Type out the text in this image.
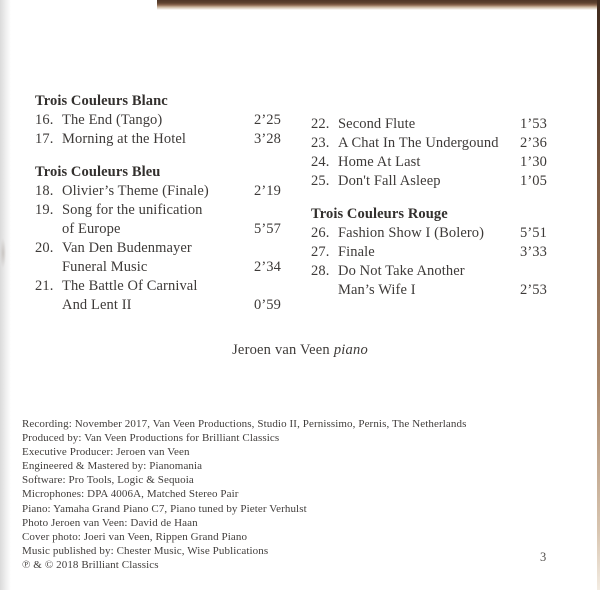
Trois Couleurs Blanc
16. The End (Tango)	2’25
17. Morning at the Hotel	3’28
Trois Couleurs Bleu
18. Olivier’s Theme (Finale)	2’19
19. Song for the unification
of Europe	5’57
20. Van Den Budenmayer
Funeral Music	2’34
21. The Battle Of Carnival
And Lent II	0’59
22. Second Flute	1’53
23. A Chat In The Undergound	2’36
24. Home At Last	1’30
25. Don't Fall Asleep	1’05
Trois Couleurs Rouge
26. Fashion Show I (Bolero)	5’51
27. Finale	3’33
28. Do Not Take Another
Man’s Wife I	2’53
Jeroen van Veen piano
Recording: November 2017, Van Veen Productions, Studio II, Pernissimo, Pernis, The Netherlands
Produced by: Van Veen Productions for Brilliant Classics
Executive Producer: Jeroen van Veen
Engineered & Mastered by: Pianomania
Software: Pro Tools, Logic & Sequoia
Microphones: DPA 4006A, Matched Stereo Pair
Piano: Yamaha Grand Piano C7, Piano tuned by Pieter Verhulst
Photo Jeroen van Veen: David de Haan
Cover photo: Joeri van Veen, Rippen Grand Piano
Music published by: Chester Music, Wise Publications
℗ & © 2018 Brilliant Classics
3
